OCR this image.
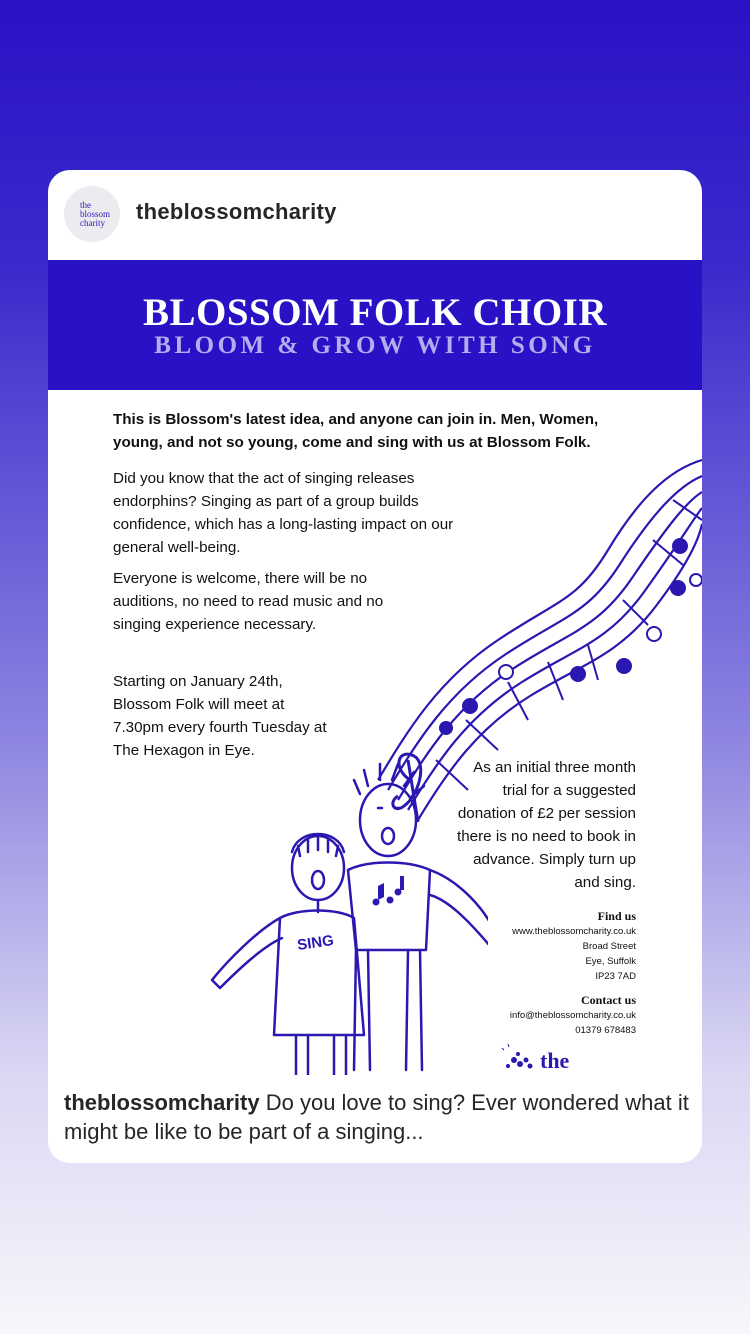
the
blossom
charity theblossomcharity
BLOSSOM FOLK CHOIR
BLOOM & GROW WITH SONG
This is Blossom's latest idea, and anyone can join in. Men, Women, young, and not so young, come and sing with us at Blossom Folk.
Did you know that the act of singing releases endorphins? Singing as part of a group builds confidence, which has a long-lasting impact on our general well-being.
Everyone is welcome, there will be no auditions, no need to read music and no singing experience necessary.
Starting on January 24th, Blossom Folk will meet at 7.30pm every fourth Tuesday at The Hexagon in Eye.
As an initial three month trial for a suggested donation of £2 per session there is no need to book in advance. Simply turn up and sing.
SING
Find us
www.theblossomcharity.co.uk
Broad Street
Eye, Suffolk
IP23 7AD
Contact us
info@theblossomcharity.co.uk
01379 678483
the
theblossomcharity Do you love to sing? Ever wondered what it might be like to be part of a singing...
